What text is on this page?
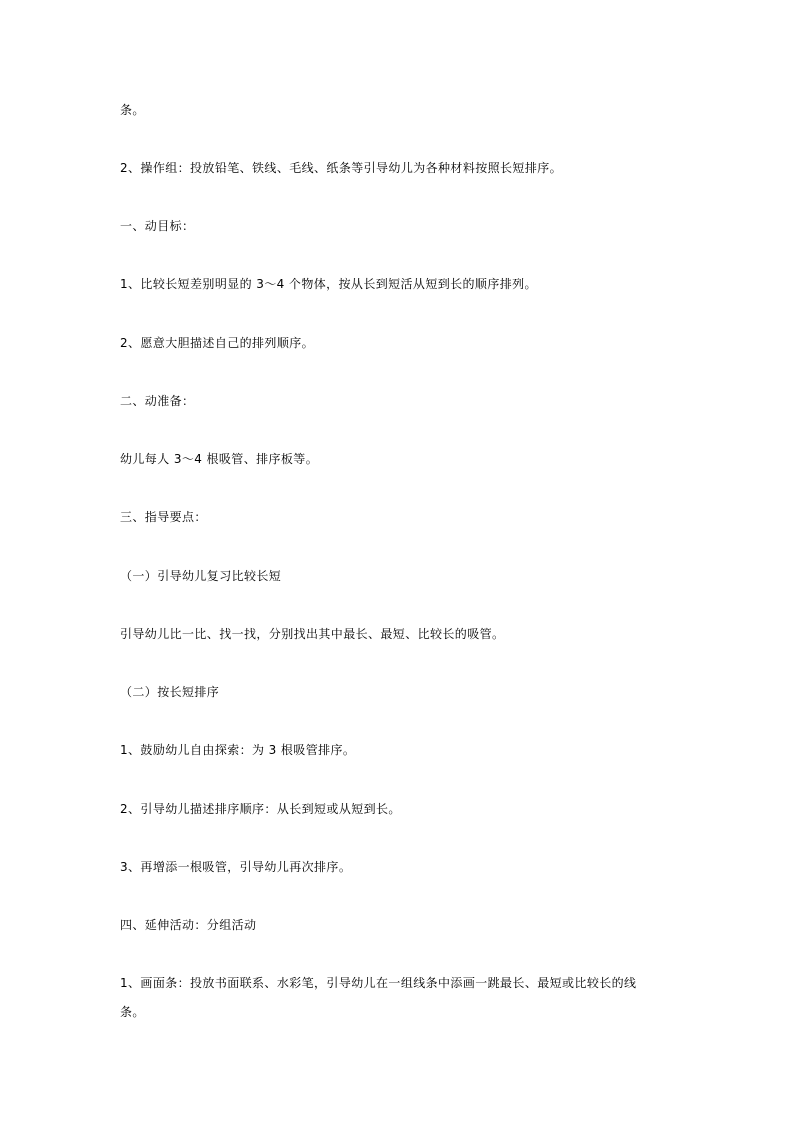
条。
2、操作组：投放铅笔、铁线、毛线、纸条等引导幼儿为各种材料按照长短排序。
一、动目标：
1、比较长短差别明显的 3～4 个物体，按从长到短活从短到长的顺序排列。
2、愿意大胆描述自己的排列顺序。
二、动准备：
幼儿每人 3～4 根吸管、排序板等。
三、指导要点：
（一）引导幼儿复习比较长短
引导幼儿比一比、找一找，分别找出其中最长、最短、比较长的吸管。
（二）按长短排序
1、鼓励幼儿自由探索：为 3 根吸管排序。
2、引导幼儿描述排序顺序：从长到短或从短到长。
3、再增添一根吸管，引导幼儿再次排序。
四、延伸活动：分组活动
1、画面条：投放书面联系、水彩笔，引导幼儿在一组线条中添画一跳最长、最短或比较长的线
条。
